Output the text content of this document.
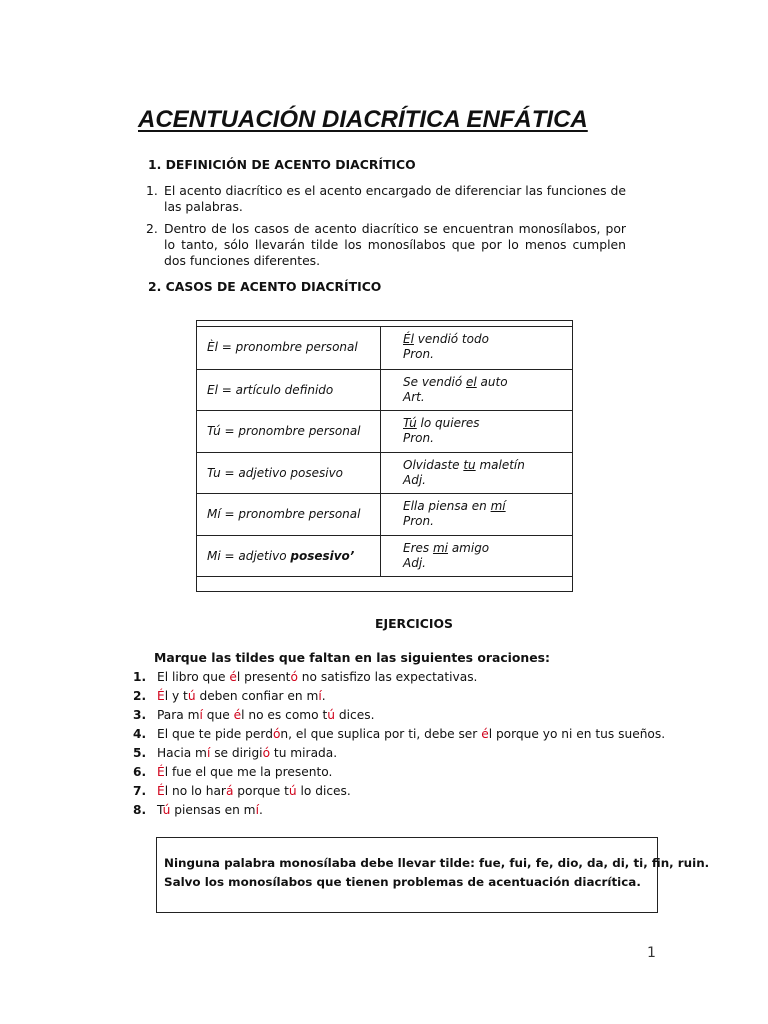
ACENTUACIÓN DIACRÍTICA ENFÁTICA
1. DEFINICIÓN DE ACENTO DIACRÍTICO
1. El acento diacrítico es el acento encargado de diferenciar las funciones de las palabras.
2. Dentro de los casos de acento diacrítico se encuentran monosílabos, por lo tanto, sólo llevarán tilde los monosílabos que por lo menos cumplen dos funciones diferentes.
2. CASOS DE ACENTO DIACRÍTICO
Èl = pronombre personal
Él vendió todo
Pron.
El = artículo definido
Se vendió el auto
Art.
Tú = pronombre personal
Tú lo quieres
Pron.
Tu = adjetivo posesivo
Olvidaste tu maletín
Adj.
Mí = pronombre personal
Ella piensa en mí
Pron.
Mi = adjetivo posesivo’
Eres mi amigo
Adj.
EJERCICIOS
Marque las tildes que faltan en las siguientes oraciones:
1. El libro que él presentó no satisfizo las expectativas.
2. Él y tú deben confiar en mí.
3. Para mí que él no es como tú dices.
4. El que te pide perdón, el que suplica por ti, debe ser él porque yo ni en tus sueños.
5. Hacia mí se dirigió tu mirada.
6. Él fue el que me la presento.
7. Él no lo hará porque tú lo dices.
8. Tú piensas en mí.
Ninguna palabra monosílaba debe llevar tilde: fue, fui, fe, dio, da, di, ti, fin, ruin.
Salvo los monosílabos que tienen problemas de acentuación diacrítica.
1
